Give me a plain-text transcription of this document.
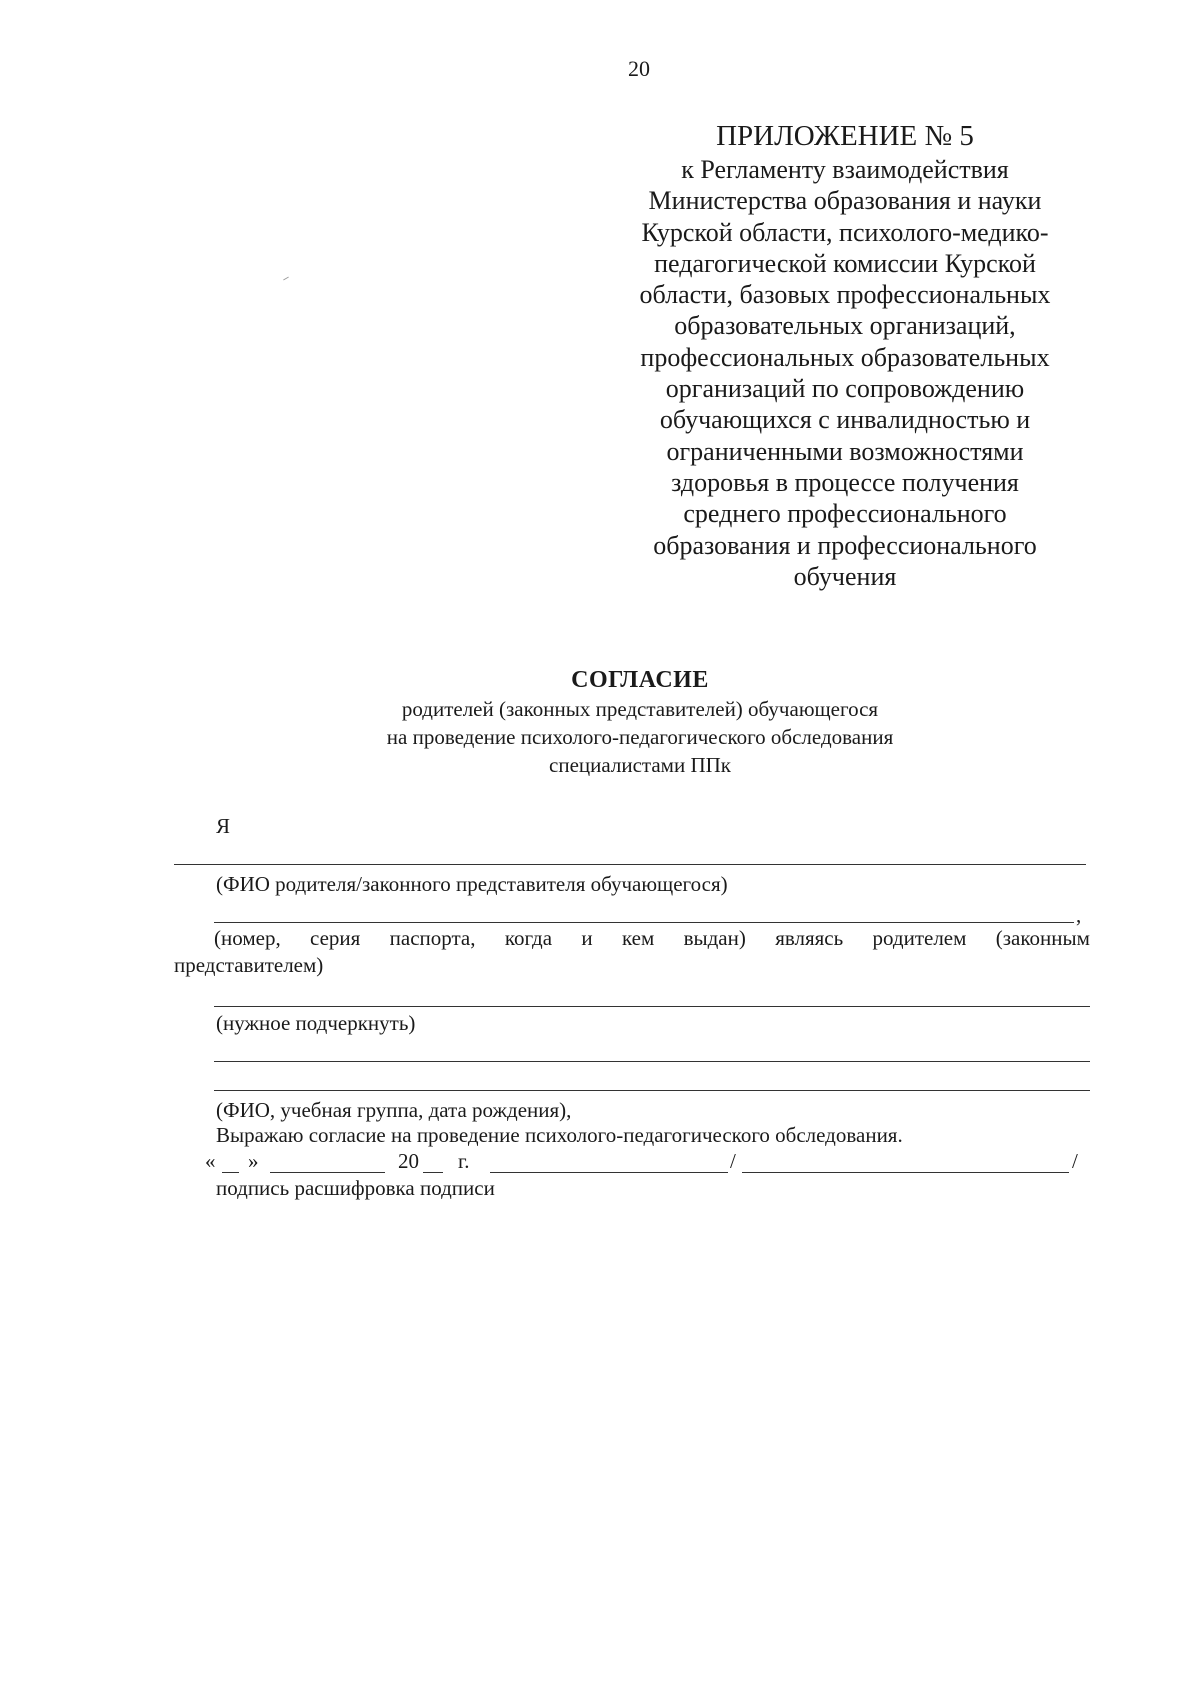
20
ПРИЛОЖЕНИЕ № 5
к Регламенту взаимодействия
Министерства образования и науки
Курской области, психолого-медико-
педагогической комиссии Курской
области, базовых профессиональных
образовательных организаций,
профессиональных образовательных
организаций по сопровождению
обучающихся с инвалидностью и
ограниченными возможностями
здоровья в процессе получения
среднего профессионального
образования и профессионального
обучения
СОГЛАСИЕ
родителей (законных представителей) обучающегося
на проведение психолого-педагогического обследования
специалистами ППк
Я
(ФИО родителя/законного представителя обучающегося)
,
(номер, серия паспорта, когда и кем выдан) являясь родителем (законным
представителем)
(нужное подчеркнуть)
(ФИО, учебная группа, дата рождения),
Выражаю согласие на проведение психолого-педагогического обследования.
« »	20 г.	/	/
подпись расшифровка подписи
